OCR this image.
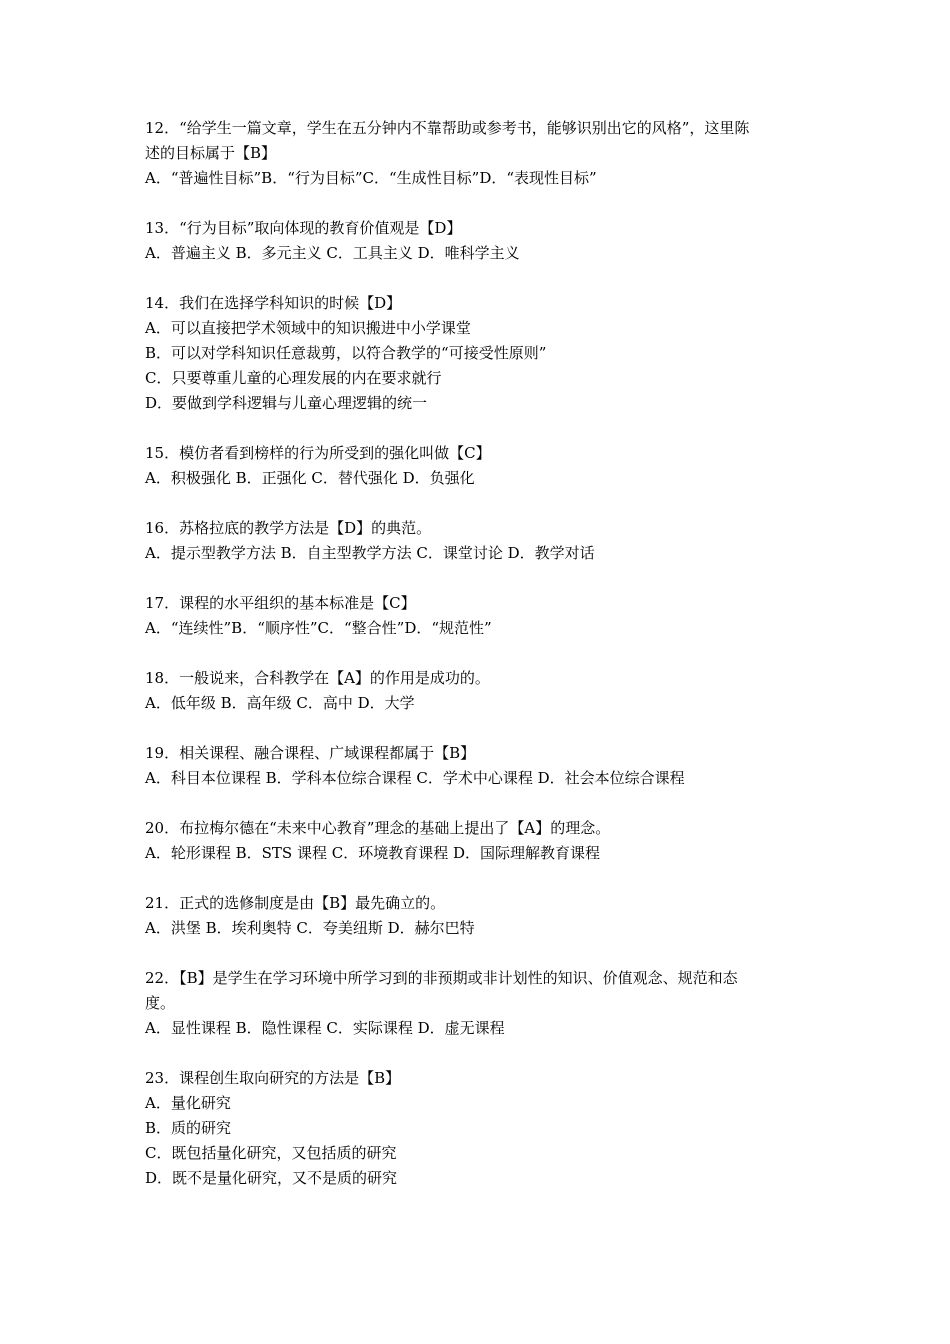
12．“给学生一篇文章，学生在五分钟内不靠帮助或参考书，能够识别出它的风格”，这里陈
述的目标属于【B】
A．“普遍性目标”B．“行为目标”C．“生成性目标”D．“表现性目标”
13．“行为目标”取向体现的教育价值观是【D】
A．普遍主义 B．多元主义 C．工具主义 D．唯科学主义
14．我们在选择学科知识的时候【D】
A．可以直接把学术领域中的知识搬进中小学课堂
B．可以对学科知识任意裁剪，以符合教学的“可接受性原则”
C．只要尊重儿童的心理发展的内在要求就行
D．要做到学科逻辑与儿童心理逻辑的统一
15．模仿者看到榜样的行为所受到的强化叫做【C】
A．积极强化 B．正强化 C．替代强化 D．负强化
16．苏格拉底的教学方法是【D】的典范。
A．提示型教学方法 B．自主型教学方法 C．课堂讨论 D．教学对话
17．课程的水平组织的基本标准是【C】
A．“连续性”B．“顺序性”C．“整合性”D．“规范性”
18．一般说来，合科教学在【A】的作用是成功的。
A．低年级 B．高年级 C．高中 D．大学
19．相关课程、融合课程、广域课程都属于【B】
A．科目本位课程 B．学科本位综合课程 C．学术中心课程 D．社会本位综合课程
20．布拉梅尔德在“未来中心教育”理念的基础上提出了【A】的理念。
A．轮形课程 B．STS 课程 C．环境教育课程 D．国际理解教育课程
21．正式的选修制度是由【B】最先确立的。
A．洪堡 B．埃利奥特 C．夸美纽斯 D．赫尔巴特
22．【B】是学生在学习环境中所学习到的非预期或非计划性的知识、价值观念、规范和态
度。
A．显性课程 B．隐性课程 C．实际课程 D．虚无课程
23．课程创生取向研究的方法是【B】
A．量化研究
B．质的研究
C．既包括量化研究，又包括质的研究
D．既不是量化研究，又不是质的研究
